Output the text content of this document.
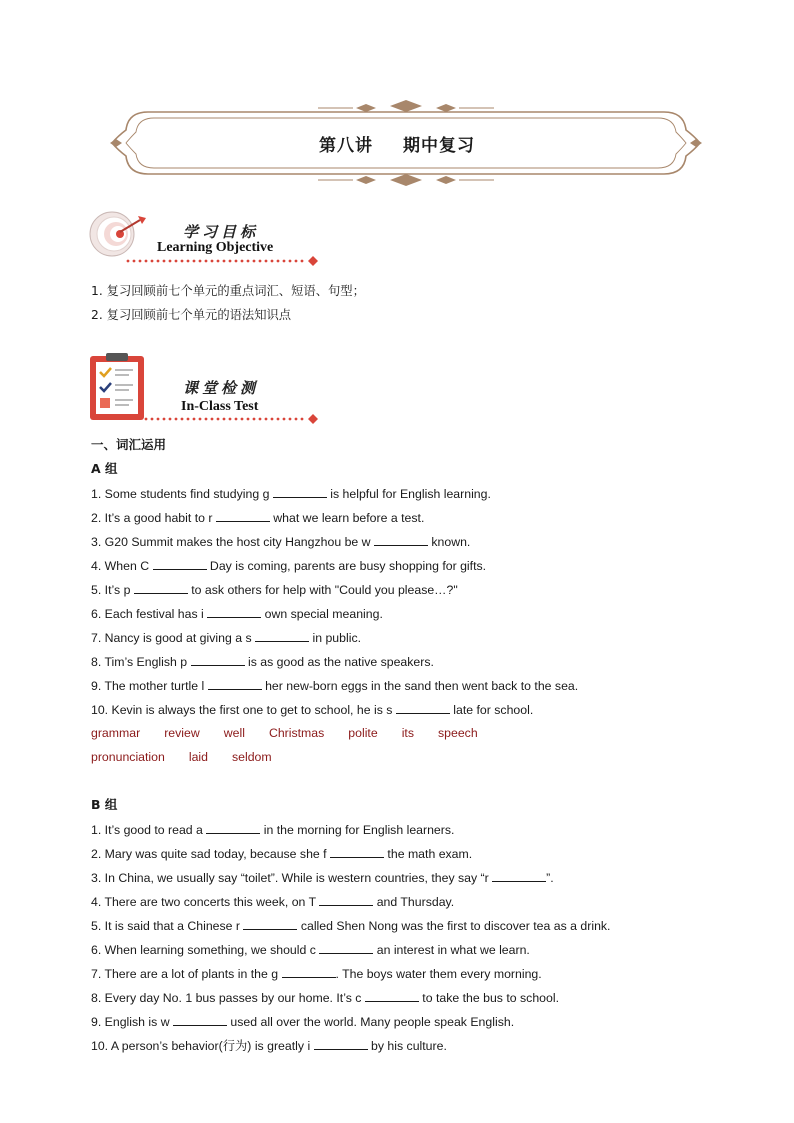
第八讲 期中复习
学习目标
Learning Objective
1. 复习回顾前七个单元的重点词汇、短语、句型；
2. 复习回顾前七个单元的语法知识点
课堂检测
In-Class Test
一、词汇运用
A 组
1. Some students find studying g	is helpful for English learning.
2. It’s a good habit to r	what we learn before a test.
3. G20 Summit makes the host city Hangzhou be w	known.
4. When C	Day is coming, parents are busy shopping for gifts.
5. It’s p	to ask others for help with "Could you please…?"
6. Each festival has i	own special meaning.
7. Nancy is good at giving a s	in public.
8. Tim’s English p	is as good as the native speakers.
9. The mother turtle l	her new-born eggs in the sand then went back to the sea.
10. Kevin is always the first one to get to school, he is s	late for school.
grammar review well Christmas polite its speech
pronunciation laid seldom
B 组
1. It’s good to read a	in the morning for English learners.
2. Mary was quite sad today, because she f	the math exam.
3. In China, we usually say “toilet”. While is western countries, they say “r	”.
4. There are two concerts this week, on T	and Thursday.
5. It is said that a Chinese r	called Shen Nong was the first to discover tea as a drink.
6. When learning something, we should c	an interest in what we learn.
7. There are a lot of plants in the g	. The boys water them every morning.
8. Every day No. 1 bus passes by our home. It’s c	to take the bus to school.
9. English is w	used all over the world. Many people speak English.
10. A person’s behavior(行为) is greatly i	by his culture.
